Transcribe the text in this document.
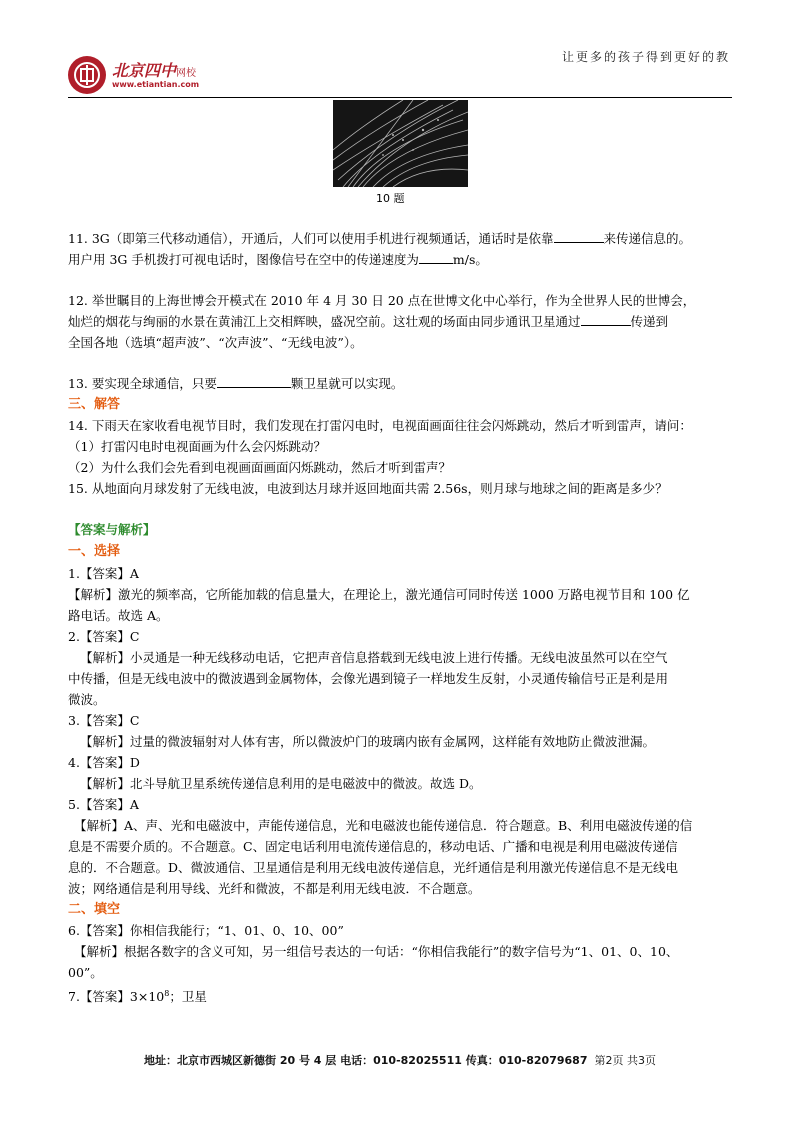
让更多的孩子得到更好的教
北京四中网校
www.etiantian.com
10 题

11. 3G（即第三代移动通信），开通后，人们可以使用手机进行视频通话，通话时是依靠	来传递信息的。
用户用 3G 手机拨打可视电话时，图像信号在空中的传递速度为	m/s。

12. 举世瞩目的上海世博会开模式在 2010 年 4 月 30 日 20 点在世博文化中心举行，作为全世界人民的世博会，
灿烂的烟花与绚丽的水景在黄浦江上交相辉映，盛况空前。这壮观的场面由同步通讯卫星通过	传递到
全国各地（选填“超声波”、“次声波”、“无线电波”）。

13. 要实现全球通信，只要	颗卫星就可以实现。

三、解答

14. 下雨天在家收看电视节目时，我们发现在打雷闪电时，电视面画面往往会闪烁跳动，然后才听到雷声，请问：
（1）打雷闪电时电视面画为什么会闪烁跳动？
（2）为什么我们会先看到电视画面画面闪烁跳动，然后才听到雷声？

15. 从地面向月球发射了无线电波，电波到达月球并返回地面共需 2.56s，则月球与地球之间的距离是多少？

【答案与解析】
一、选择

1.【答案】A
【解析】激光的频率高，它所能加载的信息量大，在理论上，激光通信可同时传送 1000 万路电视节目和 100 亿
路电话。故选 A。

2.【答案】C
【解析】小灵通是一种无线移动电话，它把声音信息搭载到无线电波上进行传播。无线电波虽然可以在空气
中传播，但是无线电波中的微波遇到金属物体，会像光遇到镜子一样地发生反射，小灵通传输信号正是利是用
微波。

3.【答案】C
【解析】过量的微波辐射对人体有害，所以微波炉门的玻璃内嵌有金属网，这样能有效地防止微波泄漏。

4.【答案】D
【解析】北斗导航卫星系统传递信息利用的是电磁波中的微波。故选 D。

5.【答案】A
【解析】A、声、光和电磁波中，声能传递信息，光和电磁波也能传递信息．符合题意。B、利用电磁波传递的信
息是不需要介质的。不合题意。C、固定电话利用电流传递信息的，移动电话、广播和电视是利用电磁波传递信
息的．不合题意。D、微波通信、卫星通信是利用无线电波传递信息，光纤通信是利用激光传递信息不是无线电
波；网络通信是利用导线、光纤和微波，不都是利用无线电波．不合题意。

二、填空

6.【答案】你相信我能行；“1、01、0、10、00”
【解析】根据各数字的含义可知，另一组信号表达的一句话：“你相信我能行”的数字信号为“1、01、0、10、
00”。

7.【答案】$3\times 10^8$；卫星

地址：北京市西城区新德街 20 号 4 层 电话：010-82025511 传真：010-82079687 第2页 共3页
